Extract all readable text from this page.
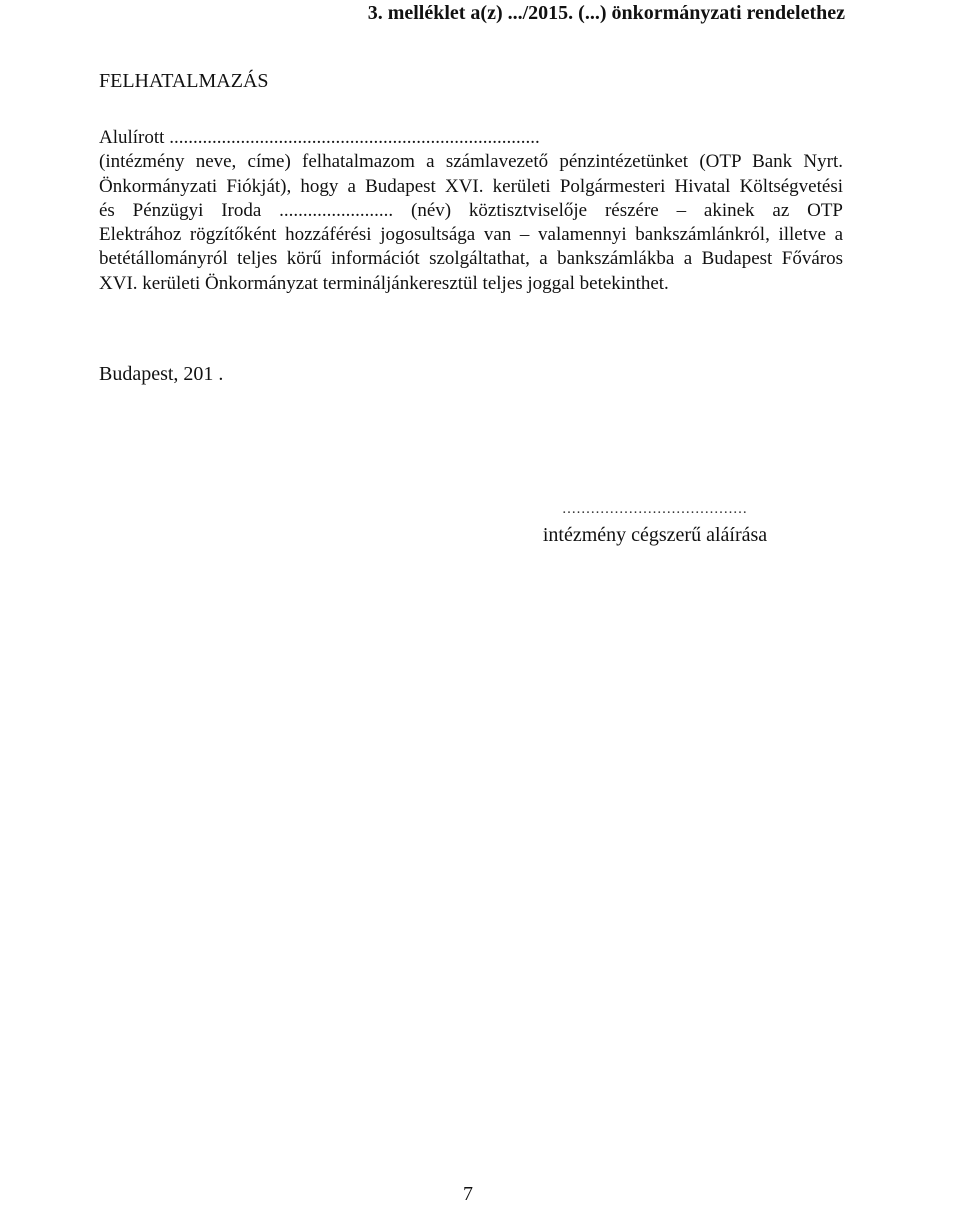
3. melléklet a(z) .../2015. (...) önkormányzati rendelethez
FELHATALMAZÁS
Alulírott ..............................................................................
(intézmény neve, címe) felhatalmazom a számlavezető pénzintézetünket (OTP Bank Nyrt.
Önkormányzati Fiókját), hogy a Budapest XVI. kerületi Polgármesteri Hivatal Költségvetési
és Pénzügyi Iroda ........................ (név) köztisztviselője részére – akinek az OTP
Elektrához rögzítőként hozzáférési jogosultsága van – valamennyi bankszámlánkról, illetve a
betétállományról teljes körű információt szolgáltathat, a bankszámlákba a Budapest Főváros
XVI. kerületi Önkormányzat termináljánkeresztül teljes joggal betekinthet.
Budapest, 201 .
.......................................
intézmény cégszerű aláírása
7
